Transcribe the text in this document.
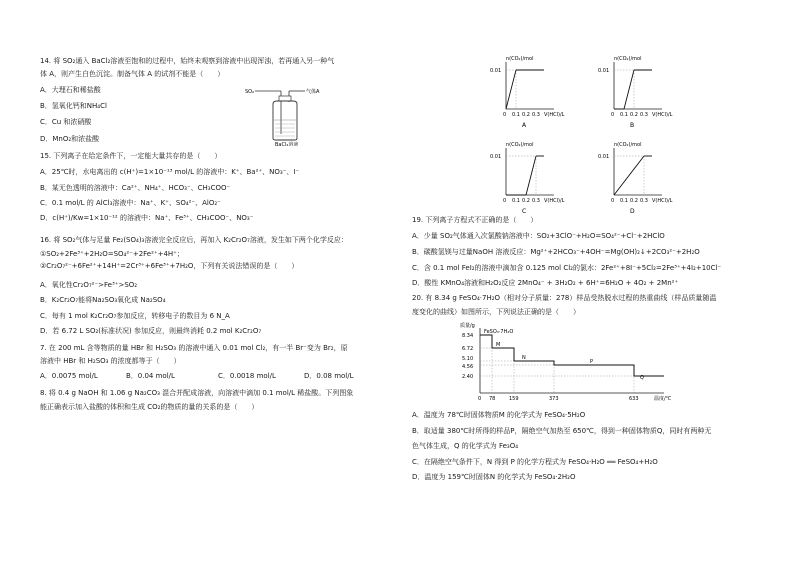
14. 将 SO₂通入 BaCl₂溶液至饱和的过程中，始终未观察到溶液中出现浑浊，若再通入另一种气
体 A，则产生白色沉淀。制备气体 A 的试剂不能是（　　）
A．大理石和稀盐酸
B．氢氧化钙和NH₄Cl
C．Cu 和浓硝酸
D．MnO₂和浓盐酸
SO₂	气体A
BaCl₂溶液
15. 下列离子在给定条件下，一定能大量共存的是（　　）
A．25℃时，水电离出的 c(H⁺)=1×10⁻¹³ mol/L 的溶液中：K⁺、Ba²⁺、NO₃⁻、I⁻
B．某无色透明的溶液中：Ca²⁺、NH₄⁺、HCO₃⁻、CH₃COO⁻
C．0.1 mol/L 的 AlCl₃溶液中：Na⁺、K⁺、SO₄²⁻、AlO₂⁻
D．c(H⁺)/Kw=1×10⁻¹² 的溶液中：Na⁺、Fe³⁺、CH₃COO⁻、NO₃⁻
16. 将 SO₂气体与足量 Fe₂(SO₄)₃溶液完全反应后，再加入 K₂Cr₂O₇溶液，发生如下两个化学反应：
①SO₂+2Fe³⁺+2H₂O=SO₄²⁻+2Fe²⁺+4H⁺；
②Cr₂O₇²⁻+6Fe²⁺+14H⁺=2Cr³⁺+6Fe³⁺+7H₂O，下列有关说法错误的是（　　）
A．氧化性Cr₂O₇²⁻>Fe³⁺>SO₂
B．K₂Cr₂O₇能将Na₂SO₃氧化成 Na₂SO₄
C．每有 1 mol K₂Cr₂O₇参加反应，转移电子的数目为 6 N_A
D．若 6.72 L SO₂(标准状况) 参加反应，则最终消耗 0.2 mol K₂Cr₂O₇
7. 在 200 mL 含等物质的量 HBr 和 H₂SO₃ 的溶液中通入 0.01 mol Cl₂，有一半 Br⁻变为 Br₂，原
溶液中 HBr 和 H₂SO₃ 的浓度都等于（　　）
A．0.0075 mol/L	B．0.04 mol/L	C．0.0018 mol/L	D．0.08 mol/L
8. 将 0.4 g NaOH 和 1.06 g Na₂CO₃ 混合并配成溶液，向溶液中滴加 0.1 mol/L 稀盐酸。下列图象
能正确表示加入盐酸的体积和生成 CO₂的物质的量的关系的是（　　）
n(CO₂)/mol
0.01
0 0.1 0.2 0.3 V(HCl)/L
A
n(CO₂)/mol
0.01
0 0.1 0.2 0.3 V(HCl)/L
B
n(CO₂)/mol
0.01
0 0.1 0.2 0.3 V(HCl)/L
C
n(CO₂)/mol
0.01
0 0.1 0.2 0.3 V(HCl)/L
D
19. 下列离子方程式不正确的是（　　）
A．少量 SO₂气体通入次氯酸钠溶液中：SO₂+3ClO⁻+H₂O=SO₄²⁻+Cl⁻+2HClO
B．碳酸氢镁与过量NaOH 溶液反应：Mg²⁺+2HCO₃⁻+4OH⁻=Mg(OH)₂↓+2CO₃²⁻+2H₂O
C．含 0.1 mol FeI₂的溶液中滴加含 0.125 mol Cl₂的氯水：2Fe²⁺+8I⁻+5Cl₂=2Fe³⁺+4I₂+10Cl⁻
D．酸性 KMnO₄溶液和H₂O₂反应 2MnO₄⁻ + 3H₂O₂ + 6H⁺=6H₂O + 4O₂ + 2Mn²⁺
20. 有 8.34 g FeSO₄·7H₂O（相对分子质量：278）样品受热脱水过程的热重曲线（样品质量随温
度变化的曲线）如图所示，下列说法正确的是（　　）
质量/g
FeSO₄·7H₂O
M
N
P
Q
8.34
6.72
5.10
4.56
2.40
0 78	159	373	633	温度/℃
A．温度为 78℃时固体物质M 的化学式为 FeSO₄·5H₂O
B．取适量 380℃时所得的样品P，隔绝空气加热至 650℃，得到一种固体物质Q，同时有两种无
色气体生成，Q 的化学式为 Fe₃O₄
C．在隔绝空气条件下，N 得到 P 的化学方程式为 FeSO₄·H₂O ══ FeSO₄+H₂O
D．温度为 159℃时固体N 的化学式为 FeSO₄·2H₂O
